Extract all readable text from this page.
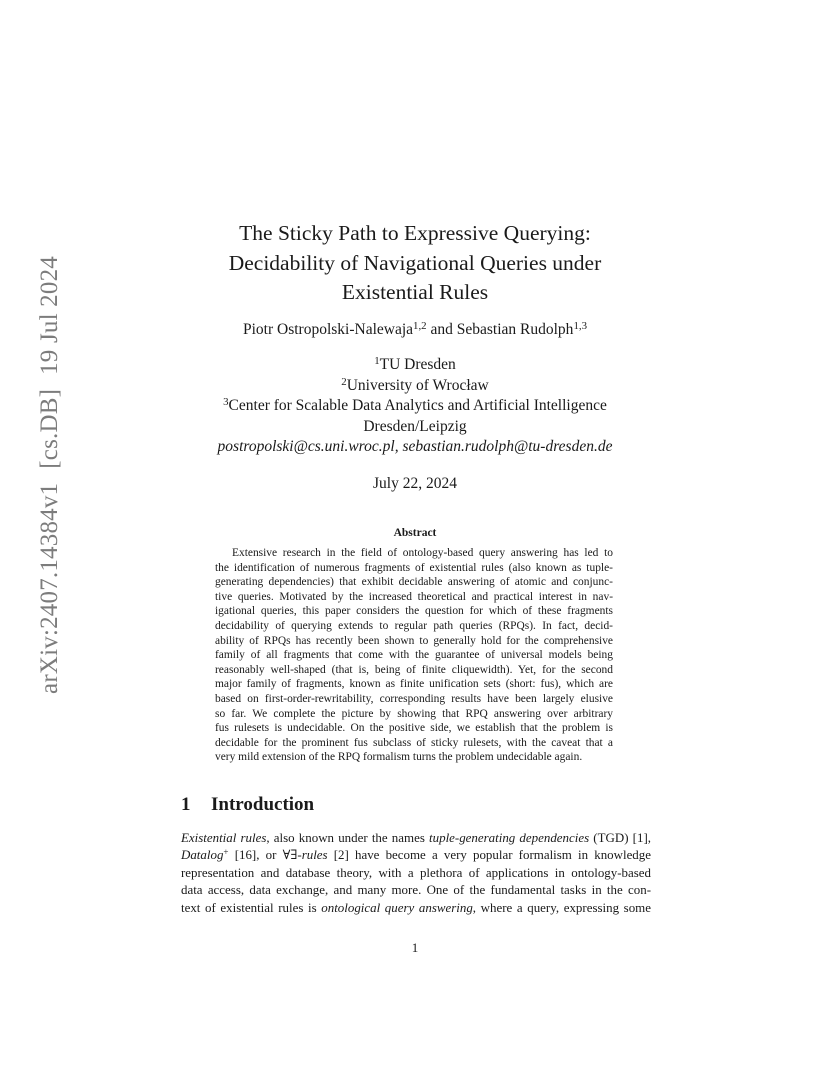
arXiv:2407.14384v1[cs.DB]19 Jul 2024
The Sticky Path to Expressive Querying:
Decidability of Navigational Queries under
Existential Rules
Piotr Ostropolski-Nalewaja$^{1,2}$ and Sebastian Rudolph$^{1,3}$
$^1$TU Dresden
$^2$University of Wrocław
$^3$Center for Scalable Data Analytics and Artificial Intelligence
Dresden/Leipzig
postropolski@cs.uni.wroc.pl, sebastian.rudolph@tu-dresden.de
July 22, 2024
Abstract
Extensive research in the field of ontology-based query answering has led to
the identification of numerous fragments of existential rules (also known as tuple-
generating dependencies) that exhibit decidable answering of atomic and conjunc-
tive queries. Motivated by the increased theoretical and practical interest in nav-
igational queries, this paper considers the question for which of these fragments
decidability of querying extends to regular path queries (RPQs). In fact, decid-
ability of RPQs has recently been shown to generally hold for the comprehensive
family of all fragments that come with the guarantee of universal models being
reasonably well-shaped (that is, being of finite cliquewidth). Yet, for the second
major family of fragments, known as finite unification sets (short: fus), which are
based on first-order-rewritability, corresponding results have been largely elusive
so far. We complete the picture by showing that RPQ answering over arbitrary
fus rulesets is undecidable. On the positive side, we establish that the problem is
decidable for the prominent fus subclass of sticky rulesets, with the caveat that a
very mild extension of the RPQ formalism turns the problem undecidable again.
1 Introduction
Existential rules, also known under the names tuple-generating dependencies (TGD) [1],
Datalog+ [16], or ∀∃-rules [2] have become a very popular formalism in knowledge
representation and database theory, with a plethora of applications in ontology-based
data access, data exchange, and many more. One of the fundamental tasks in the con-
text of existential rules is ontological query answering, where a query, expressing some
1
